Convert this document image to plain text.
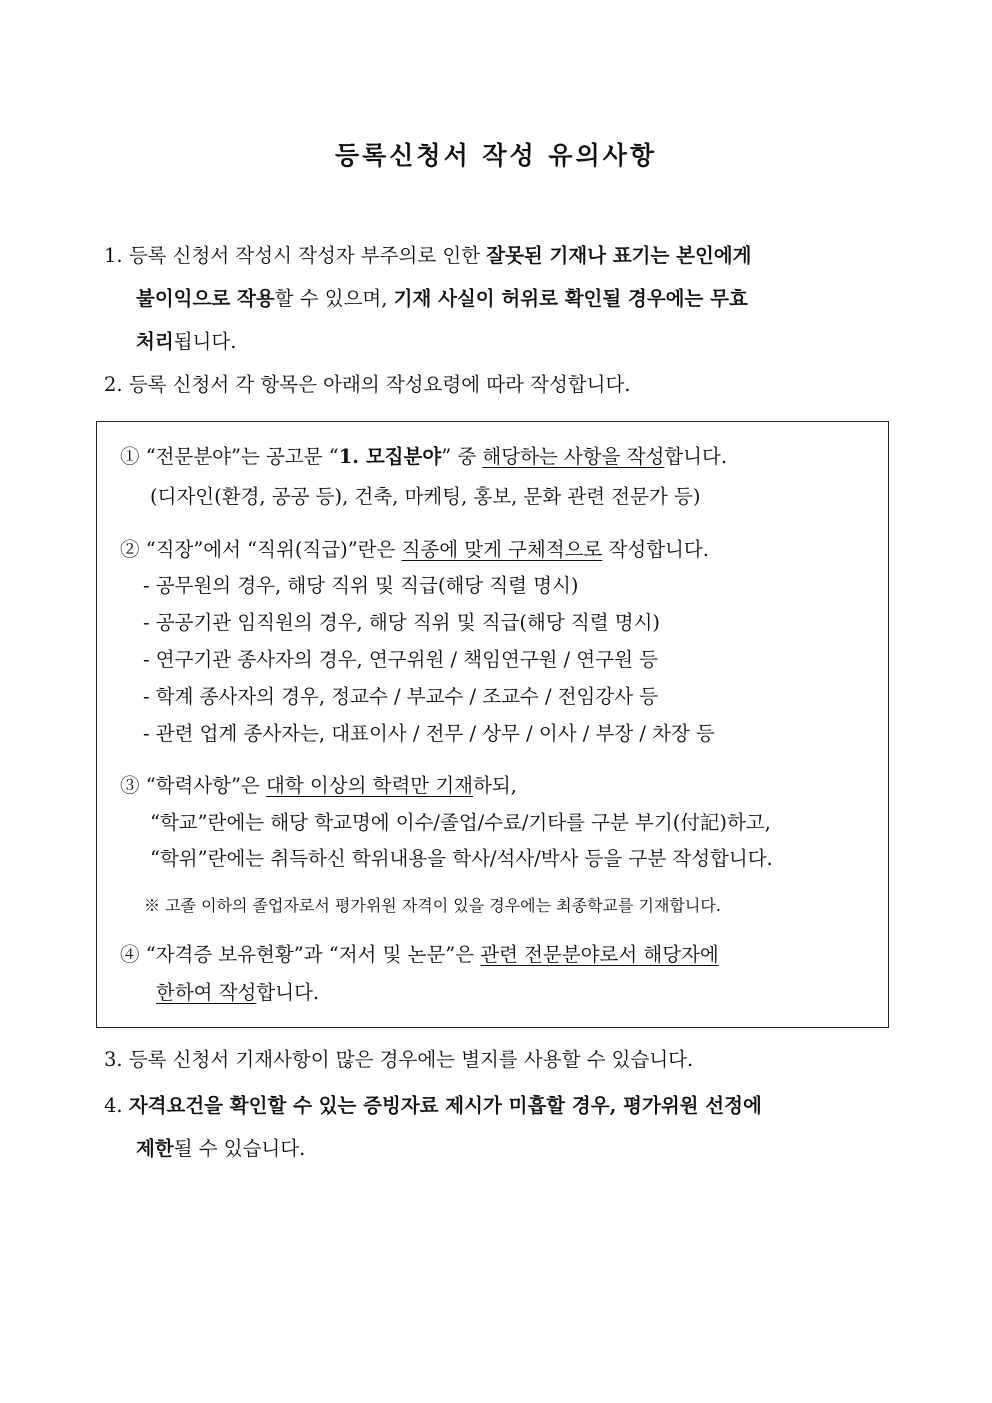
등록신청서 작성 유의사항
1. 등록 신청서 작성시 작성자 부주의로 인한 잘못된 기재나 표기는 본인에게
불이익으로 작용할 수 있으며, 기재 사실이 허위로 확인될 경우에는 무효
처리됩니다.
2. 등록 신청서 각 항목은 아래의 작성요령에 따라 작성합니다.
① “전문분야”는 공고문 “1. 모집분야” 중 해당하는 사항을 작성합니다.
(디자인(환경, 공공 등), 건축, 마케팅, 홍보, 문화 관련 전문가 등)
② “직장”에서 “직위(직급)”란은 직종에 맞게 구체적으로 작성합니다.
- 공무원의 경우, 해당 직위 및 직급(해당 직렬 명시)
- 공공기관 임직원의 경우, 해당 직위 및 직급(해당 직렬 명시)
- 연구기관 종사자의 경우, 연구위원 / 책임연구원 / 연구원 등
- 학계 종사자의 경우, 정교수 / 부교수 / 조교수 / 전임강사 등
- 관련 업계 종사자는, 대표이사 / 전무 / 상무 / 이사 / 부장 / 차장 등
③ “학력사항”은 대학 이상의 학력만 기재하되,
“학교”란에는 해당 학교명에 이수/졸업/수료/기타를 구분 부기(付記)하고,
“학위”란에는 취득하신 학위내용을 학사/석사/박사 등을 구분 작성합니다.
※ 고졸 이하의 졸업자로서 평가위원 자격이 있을 경우에는 최종학교를 기재합니다.
④ “자격증 보유현황”과 “저서 및 논문”은 관련 전문분야로서 해당자에
한하여 작성합니다.
3. 등록 신청서 기재사항이 많은 경우에는 별지를 사용할 수 있습니다.
4. 자격요건을 확인할 수 있는 증빙자료 제시가 미흡할 경우, 평가위원 선정에
제한될 수 있습니다.
